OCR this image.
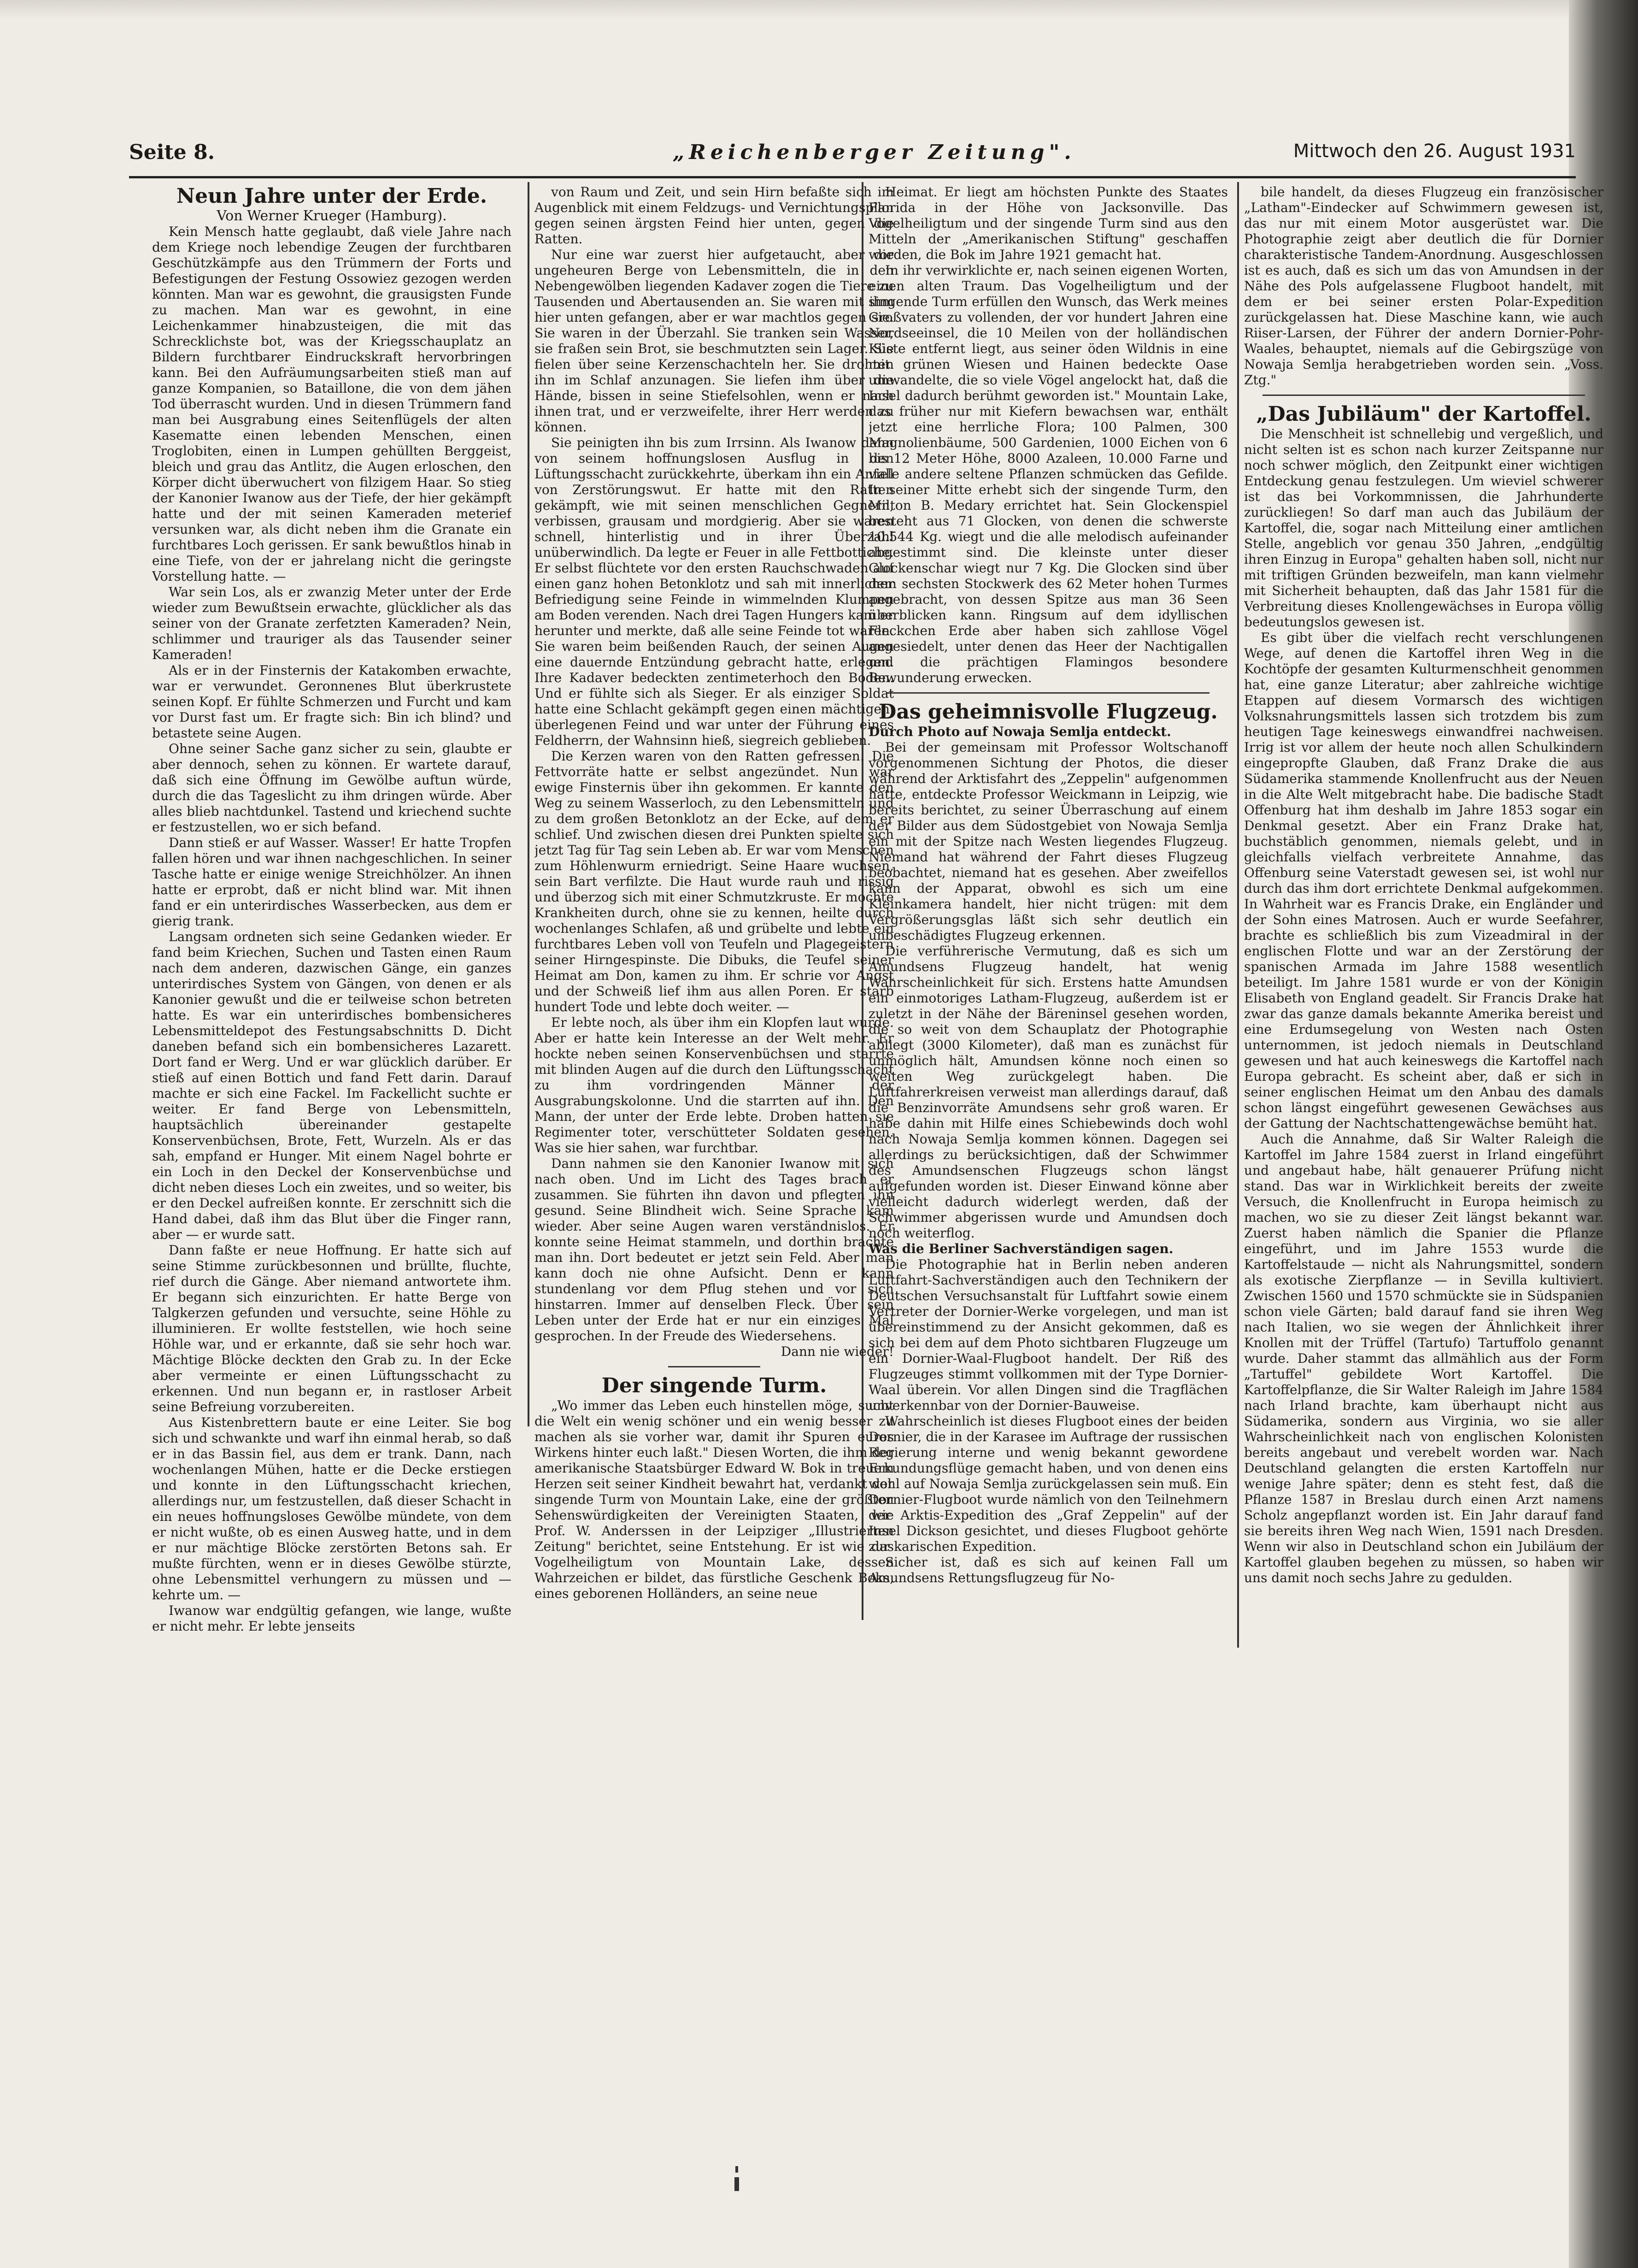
Seite 8.	„Reichenberger Zeitung".	Mittwoch den 26. August 1931

Neun Jahre unter der Erde.

Von Werner Krueger (Hamburg).

Kein Mensch hatte geglaubt, daß viele Jahre nach dem Kriege noch lebendige Zeugen der furchtbaren Geschützkämpfe aus den Trümmern der Forts und Befestigungen der Festung Ossowiez gezogen werden könnten. Man war es gewohnt, die grausigsten Funde zu machen. Man war es gewohnt, in eine Leichenkammer hinabzusteigen, die mit das Schrecklichste bot, was der Kriegsschauplatz an Bildern furchtbarer Eindruckskraft hervorbringen kann. Bei den Aufräumungsarbeiten stieß man auf ganze Kompanien, so Bataillone, die von dem jähen Tod überrascht wurden. Und in diesen Trümmern fand man bei Ausgrabung eines Seitenflügels der alten Kasematte einen lebenden Menschen, einen Troglobiten, einen in Lumpen gehüllten Berggeist, bleich und grau das Antlitz, die Augen erloschen, den Körper dicht überwuchert von filzigem Haar. So stieg der Kanonier Iwanow aus der Tiefe, der hier gekämpft hatte und der mit seinen Kameraden meterief versunken war, als dicht neben ihm die Granate ein furchtbares Loch gerissen. Er sank bewußtlos hinab in eine Tiefe, von der er jahrelang nicht die geringste Vorstellung hatte. —

War sein Los, als er zwanzig Meter unter der Erde wieder zum Bewußtsein erwachte, glücklicher als das seiner von der Granate zerfetzten Kameraden? Nein, schlimmer und trauriger als das Tausender seiner Kameraden!

Als er in der Finsternis der Katakomben erwachte, war er verwundet. Geronnenes Blut überkrustete seinen Kopf. Er fühlte Schmerzen und Furcht und kam vor Durst fast um. Er fragte sich: Bin ich blind? und betastete seine Augen.

Ohne seiner Sache ganz sicher zu sein, glaubte er aber dennoch, sehen zu können. Er wartete darauf, daß sich eine Öffnung im Gewölbe auftun würde, durch die das Tageslicht zu ihm dringen würde. Aber alles blieb nachtdunkel. Tastend und kriechend suchte er festzustellen, wo er sich befand.

Dann stieß er auf Wasser. Wasser! Er hatte Tropfen fallen hören und war ihnen nachgeschlichen. In seiner Tasche hatte er einige wenige Streichhölzer. An ihnen hatte er erprobt, daß er nicht blind war. Mit ihnen fand er ein unterirdisches Wasserbecken, aus dem er gierig trank.

Langsam ordneten sich seine Gedanken wieder. Er fand beim Kriechen, Suchen und Tasten einen Raum nach dem anderen, dazwischen Gänge, ein ganzes unterirdisches System von Gängen, von denen er als Kanonier gewußt und die er teilweise schon betreten hatte. Es war ein unterirdisches bombensicheres Lebensmitteldepot des Festungsabschnitts D. Dicht daneben befand sich ein bombensicheres Lazarett. Dort fand er Werg. Und er war glücklich darüber. Er stieß auf einen Bottich und fand Fett darin. Darauf machte er sich eine Fackel. Im Fackellicht suchte er weiter. Er fand Berge von Lebensmitteln, hauptsächlich übereinander gestapelte Konservenbüchsen, Brote, Fett, Wurzeln. Als er das sah, empfand er Hunger. Mit einem Nagel bohrte er ein Loch in den Deckel der Konservenbüchse und dicht neben dieses Loch ein zweites, und so weiter, bis er den Deckel aufreißen konnte. Er zerschnitt sich die Hand dabei, daß ihm das Blut über die Finger rann, aber — er wurde satt.

Dann faßte er neue Hoffnung. Er hatte sich auf seine Stimme zurückbesonnen und brüllte, fluchte, rief durch die Gänge. Aber niemand antwortete ihm. Er begann sich einzurichten. Er hatte Berge von Talgkerzen gefunden und versuchte, seine Höhle zu illuminieren. Er wollte feststellen, wie hoch seine Höhle war, und er erkannte, daß sie sehr hoch war. Mächtige Blöcke deckten den Grab zu. In der Ecke aber vermeinte er einen Lüftungsschacht zu erkennen. Und nun begann er, in rastloser Arbeit seine Befreiung vorzubereiten.

Aus Kistenbrettern baute er eine Leiter. Sie bog sich und schwankte und warf ihn einmal herab, so daß er in das Bassin fiel, aus dem er trank. Dann, nach wochenlangen Mühen, hatte er die Decke erstiegen und konnte in den Lüftungsschacht kriechen, allerdings nur, um festzustellen, daß dieser Schacht in ein neues hoffnungsloses Gewölbe mündete, von dem er nicht wußte, ob es einen Ausweg hatte, und in dem er nur mächtige Blöcke zerstörten Betons sah. Er mußte fürchten, wenn er in dieses Gewölbe stürzte, ohne Lebensmittel verhungern zu müssen und — kehrte um. —

Iwanow war endgültig gefangen, wie lange, wußte er nicht mehr. Er lebte jenseits

von Raum und Zeit, und sein Hirn befaßte sich im Augenblick mit einem Feldzugs- und Vernichtungsplan gegen seinen ärgsten Feind hier unten, gegen die Ratten.

Nur eine war zuerst hier aufgetaucht, aber die ungeheuren Berge von Lebensmitteln, die in den Nebengewölben liegenden Kadaver zogen die Tiere zu Tausenden und Abertausenden an. Sie waren mit ihm hier unten gefangen, aber er war machtlos gegen sie. Sie waren in der Überzahl. Sie tranken sein Wasser, sie fraßen sein Brot, sie beschmutzten sein Lager. Sie fielen über seine Kerzenschachteln her. Sie drohten ihn im Schlaf anzunagen. Sie liefen ihm über die Hände, bissen in seine Stiefelsohlen, wenn er nach ihnen trat, und er verzweifelte, ihrer Herr werden zu können.

Sie peinigten ihn bis zum Irrsinn. Als Iwanow dann von seinem hoffnungslosen Ausflug in den Lüftungsschacht zurückkehrte, überkam ihn ein Anfall von Zerstörungswut. Er hatte mit den Ratten gekämpft, wie mit seinen menschlichen Gegnern, verbissen, grausam und mordgierig. Aber sie waren schnell, hinterlistig und in ihrer Überzahl unüberwindlich. Da legte er Feuer in alle Fettbottiche. Er selbst flüchtete vor den ersten Rauchschwaden auf einen ganz hohen Betonklotz und sah mit innerlicher Befriedigung seine Feinde in wimmelnden Klumpen am Boden verenden. Nach drei Tagen Hungers kam er herunter und merkte, daß alle seine Feinde tot waren. Sie waren beim beißenden Rauch, der seinen Augen eine dauernde Entzündung gebracht hatte, erlegen. Ihre Kadaver bedeckten zentimeterhoch den Boden. Und er fühlte sich als Sieger. Er als einziger Soldat hatte eine Schlacht gekämpft gegen einen mächtigen, überlegenen Feind und war unter der Führung eines Feldherrn, der Wahnsinn hieß, siegreich geblieben.

Die Kerzen waren von den Ratten gefressen. Die Fettvorräte hatte er selbst angezündet. Nun war ewige Finsternis über ihn gekommen. Er kannte den Weg zu seinem Wasserloch, zu den Lebensmitteln und zu dem großen Betonklotz an der Ecke, auf dem er schlief. Und zwischen diesen drei Punkten spielte sich jetzt Tag für Tag sein Leben ab. Er war vom Menschen zum Höhlenwurm erniedrigt. Seine Haare wuchsen, sein Bart verfilzte. Die Haut wurde rauh und rissig und überzog sich mit einer Schmutzkruste. Er mochte Krankheiten durch, ohne sie zu kennen, heilte durch wochenlanges Schlafen, aß und grübelte und lebte ein furchtbares Leben voll von Teufeln und Plagegeistern seiner Hirngespinste. Die Dibuks, die Teufel seiner Heimat am Don, kamen zu ihm. Er schrie vor Angst und der Schweiß lief ihm aus allen Poren. Er starb hundert Tode und lebte doch weiter. —

Er lebte noch, als über ihm ein Klopfen laut wurde. Aber er hatte kein Interesse an der Welt mehr. Er hockte neben seinen Konservenbüchsen und starrte mit blinden Augen auf die durch den Lüftungsschacht zu ihm vordringenden Männer der Ausgrabungskolonne. Und die starrten auf ihn. Den Mann, der unter der Erde lebte. Droben hatten sie Regimenter toter, verschütteter Soldaten gesehen. Was sie hier sahen, war furchtbar.

Dann nahmen sie den Kanonier Iwanow mit sich nach oben. Und im Licht des Tages brach er zusammen. Sie führten ihn davon und pflegten ihn gesund. Seine Blindheit wich. Seine Sprache kam wieder. Aber seine Augen waren verständnislos. Er konnte seine Heimat stammeln, und dorthin brachte man ihn. Dort bedeutet er jetzt sein Feld. Aber man kann doch nie ohne Aufsicht. Denn er kann stundenlang vor dem Pflug stehen und vor sich hinstarren. Immer auf denselben Fleck. Über sein Leben unter der Erde hat er nur ein einziges Mal gesprochen. In der Freude des Wiedersehens.

Dann nie wieder!

Der singende Turm.

„Wo immer das Leben euch hinstellen möge, sucht die Welt ein wenig schöner und ein wenig besser zu machen als sie vorher war, damit ihr Spuren eures Wirkens hinter euch laßt." Diesen Worten, die ihm der amerikanische Staatsbürger Edward W. Bok in treuem Herzen seit seiner Kindheit bewahrt hat, verdankt der singende Turm von Mountain Lake, eine der größten Sehenswürdigkeiten der Vereinigten Staaten, wie Prof. W. Anderssen in der Leipziger „Illustrierten Zeitung" berichtet, seine Entstehung. Er ist wie das Vogelheiligtum von Mountain Lake, dessen Wahrzeichen er bildet, das fürstliche Geschenk Boks, eines geborenen Holländers, an seine neue

Heimat. Er liegt am höchsten Punkte des Staates Florida in der Höhe von Jacksonville. Das Vogelheiligtum und der singende Turm sind aus den Mitteln der „Amerikanischen Stiftung" geschaffen worden, die Bok im Jahre 1921 gemacht hat.

In ihr verwirklichte er, nach seinen eigenen Worten, einen alten Traum. Das Vogelheiligtum und der singende Turm erfüllen den Wunsch, das Werk meines Großvaters zu vollenden, der vor hundert Jahren eine Nordseeinsel, die 10 Meilen von der holländischen Küste entfernt liegt, aus seiner öden Wildnis in eine mit grünen Wiesen und Hainen bedeckte Oase umwandelte, die so viele Vögel angelockt hat, daß die Insel dadurch berühmt geworden ist." Mountain Lake, das früher nur mit Kiefern bewachsen war, enthält jetzt eine herrliche Flora; 100 Palmen, 300 Magnolienbäume, 500 Gardenien, 1000 Eichen von 6 bis 12 Meter Höhe, 8000 Azaleen, 10.000 Farne und viele andere seltene Pflanzen schmücken das Gefilde. In seiner Mitte erhebt sich der singende Turm, den Milton B. Medary errichtet hat. Sein Glockenspiel besteht aus 71 Glocken, von denen die schwerste 10.544 Kg. wiegt und die alle melodisch aufeinander abgestimmt sind. Die kleinste unter dieser Glockenschar wiegt nur 7 Kg. Die Glocken sind über dem sechsten Stockwerk des 62 Meter hohen Turmes angebracht, von dessen Spitze aus man 36 Seen überblicken kann. Ringsum auf dem idyllischen Fleckchen Erde aber haben sich zahllose Vögel angesiedelt, unter denen das Heer der Nachtigallen und die prächtigen Flamingos besondere Bewunderung erwecken.

Das geheimnisvolle Flugzeug.

Durch Photo auf Nowaja Semlja entdeckt.

Bei der gemeinsam mit Professor Woltschanoff vorgenommenen Sichtung der Photos, die dieser während der Arktisfahrt des „Zeppelin" aufgenommen hatte, entdeckte Professor Weickmann in Leipzig, wie bereits berichtet, zu seiner Überraschung auf einem der Bilder aus dem Südostgebiet von Nowaja Semlja ein mit der Spitze nach Westen liegendes Flugzeug. Niemand hat während der Fahrt dieses Flugzeug beobachtet, niemand hat es gesehen. Aber zweifellos kann der Apparat, obwohl es sich um eine Kleinkamera handelt, hier nicht trügen: mit dem Vergrößerungsglas läßt sich sehr deutlich ein unbeschädigtes Flugzeug erkennen.

Die verführerische Vermutung, daß es sich um Amundsens Flugzeug handelt, hat wenig Wahrscheinlichkeit für sich. Erstens hatte Amundsen ein einmotoriges Latham-Flugzeug, außerdem ist er zuletzt in der Nähe der Bäreninsel gesehen worden, die so weit von dem Schauplatz der Photographie abliegt (3000 Kilometer), daß man es zunächst für unmöglich hält, Amundsen könne noch einen so weiten Weg zurückgelegt haben. Die Luftfahrerkreisen verweist man allerdings darauf, daß die Benzinvorräte Amundsens sehr groß waren. Er habe dahin mit Hilfe eines Schiebewinds doch wohl nach Nowaja Semlja kommen können. Dagegen sei allerdings zu berücksichtigen, daß der Schwimmer des Amundsenschen Flugzeugs schon längst aufgefunden worden ist. Dieser Einwand könne aber vielleicht dadurch widerlegt werden, daß der Schwimmer abgerissen wurde und Amundsen doch noch weiterflog.

Was die Berliner Sachverständigen sagen.

Die Photographie hat in Berlin neben anderen Luftfahrt-Sachverständigen auch den Technikern der Deutschen Versuchsanstalt für Luftfahrt sowie einem Vertreter der Dornier-Werke vorgelegen, und man ist übereinstimmend zu der Ansicht gekommen, daß es sich bei dem auf dem Photo sichtbaren Flugzeuge um ein Dornier-Waal-Flugboot handelt. Der Riß des Flugzeuges stimmt vollkommen mit der Type Dornier-Waal überein. Vor allen Dingen sind die Tragflächen unverkennbar von der Dornier-Bauweise.

Wahrscheinlich ist dieses Flugboot eines der beiden Dornier, die in der Karasee im Auftrage der russischen Regierung interne und wenig bekannt gewordene Erkundungsflüge gemacht haben, und von denen eins wohl auf Nowaja Semlja zurückgelassen sein muß. Ein Dornier-Flugboot wurde nämlich von den Teilnehmern der Arktis-Expedition des „Graf Zeppelin" auf der Insel Dickson gesichtet, und dieses Flugboot gehörte zur karischen Expedition.

Sicher ist, daß es sich auf keinen Fall um Amundsens Rettungsflugzeug für No-

bile handelt, da dieses Flugzeug ein französischer „Latham"-Eindecker auf Schwimmern gewesen ist, das nur mit einem Motor ausgerüstet war. Die Photographie zeigt aber deutlich die für Dornier charakteristische Tandem-Anordnung. Ausgeschlossen ist es auch, daß es sich um das von Amundsen in der Nähe des Pols aufgelassene Flugboot handelt, mit dem er bei seiner ersten Polar-Expedition zurückgelassen hat. Diese Maschine kann, wie auch Riiser-Larsen, der Führer der andern Dornier-Pohr-Waales, behauptet, niemals auf die Gebirgszüge von Nowaja Semlja herabgetrieben worden sein. „Voss. Ztg."

„Das Jubiläum" der Kartoffel.

Die Menschheit ist schnellebig und vergeßlich, und nicht selten ist es schon nach kurzer Zeitspanne nur noch schwer möglich, den Zeitpunkt einer wichtigen Entdeckung genau festzulegen. Um wieviel schwerer ist das bei Vorkommnissen, die Jahrhunderte zurückliegen! So darf man auch das Jubiläum der Kartoffel, die, sogar nach Mitteilung einer amtlichen Stelle, angeblich vor genau 350 Jahren, „endgültig ihren Einzug in Europa" gehalten haben soll, nicht nur mit triftigen Gründen bezweifeln, man kann vielmehr mit Sicherheit behaupten, daß das Jahr 1581 für die Verbreitung dieses Knollengewächses in Europa völlig bedeutungslos gewesen ist.

Es gibt über die vielfach recht verschlungenen Wege, auf denen die Kartoffel ihren Weg in die Kochtöpfe der gesamten Kulturmenschheit genommen hat, eine ganze Literatur; aber zahlreiche wichtige Etappen auf diesem Vormarsch des wichtigen Volksnahrungsmittels lassen sich trotzdem bis zum heutigen Tage keineswegs einwandfrei nachweisen. Irrig ist vor allem der heute noch allen Schulkindern eingepropfte Glauben, daß Franz Drake die aus Südamerika stammende Knollenfrucht aus der Neuen in die Alte Welt mitgebracht habe. Die badische Stadt Offenburg hat ihm deshalb im Jahre 1853 sogar ein Denkmal gesetzt. Aber ein Franz Drake hat, buchstäblich genommen, niemals gelebt, und in gleichfalls vielfach verbreitete Annahme, das Offenburg seine Vaterstadt gewesen sei, ist wohl nur durch das ihm dort errichtete Denkmal aufgekommen. In Wahrheit war es Francis Drake, ein Engländer und der Sohn eines Matrosen. Auch er wurde Seefahrer, brachte es schließlich bis zum Vizeadmiral in der englischen Flotte und war an der Zerstörung der spanischen Armada im Jahre 1588 wesentlich beteiligt. Im Jahre 1581 wurde er von der Königin Elisabeth von England geadelt. Sir Francis Drake hat zwar das ganze damals bekannte Amerika bereist und eine Erdumsegelung von Westen nach Osten unternommen, ist jedoch niemals in Deutschland gewesen und hat auch keineswegs die Kartoffel nach Europa gebracht. Es scheint aber, daß er sich in seiner englischen Heimat um den Anbau des damals schon längst eingeführt gewesenen Gewächses aus der Gattung der Nachtschattengewächse bemüht hat.

Auch die Annahme, daß Sir Walter Raleigh die Kartoffel im Jahre 1584 zuerst in Irland eingeführt und angebaut habe, hält genauerer Prüfung nicht stand. Das war in Wirklichkeit bereits der zweite Versuch, die Knollenfrucht in Europa heimisch zu machen, wo sie zu dieser Zeit längst bekannt war. Zuerst haben nämlich die Spanier die Pflanze eingeführt, und im Jahre 1553 wurde die Kartoffelstaude — nicht als Nahrungsmittel, sondern als exotische Zierpflanze — in Sevilla kultiviert. Zwischen 1560 und 1570 schmückte sie in Südspanien schon viele Gärten; bald darauf fand sie ihren Weg nach Italien, wo sie wegen der Ähnlichkeit ihrer Knollen mit der Trüffel (Tartufo) Tartuffolo genannt wurde. Daher stammt das allmählich aus der Form „Tartuffel" gebildete Wort Kartoffel. Die Kartoffelpflanze, die Sir Walter Raleigh im Jahre 1584 nach Irland brachte, kam überhaupt nicht aus Südamerika, sondern aus Virginia, wo sie aller Wahrscheinlichkeit nach von englischen Kolonisten bereits angebaut und verebelt worden war. Nach Deutschland gelangten die ersten Kartoffeln nur wenige Jahre später; denn es steht fest, daß die Pflanze 1587 in Breslau durch einen Arzt namens Scholz angepflanzt worden ist. Ein Jahr darauf fand sie bereits ihren Weg nach Wien, 1591 nach Dresden. Wenn wir also in Deutschland schon ein Jubiläum der Kartoffel glauben begehen zu müssen, so haben wir uns damit noch sechs Jahre zu gedulden.
